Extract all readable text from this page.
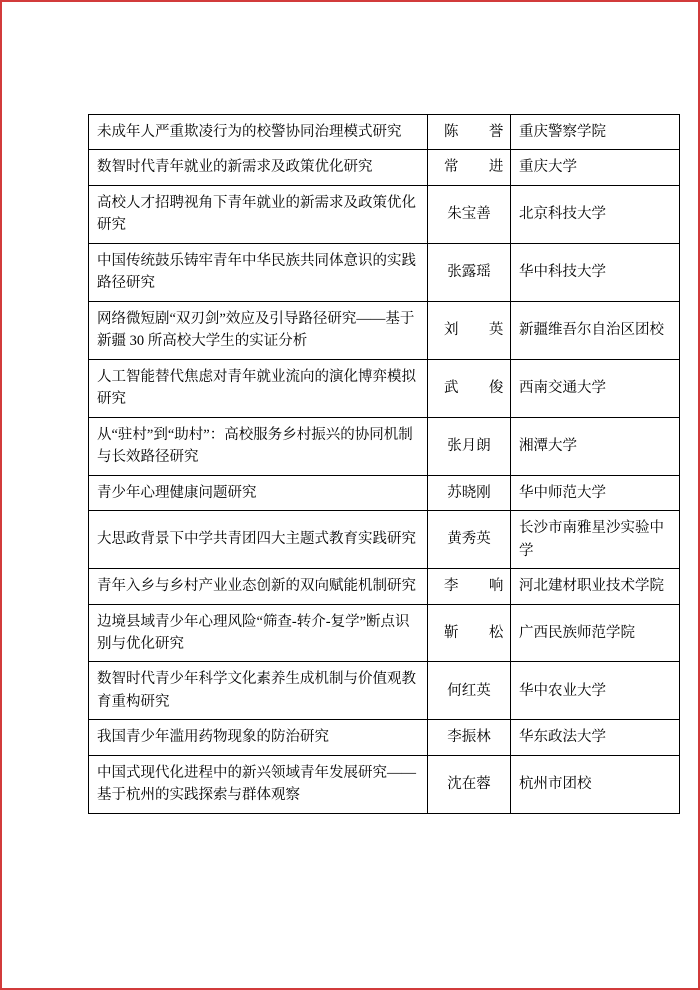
未成年人严重欺凌行为的校警协同治理模式研究	陈　誉	重庆警察学院
数智时代青年就业的新需求及政策优化研究	常　进	重庆大学
高校人才招聘视角下青年就业的新需求及政策优化研究	朱宝善	北京科技大学
中国传统鼓乐铸牢青年中华民族共同体意识的实践路径研究	张露瑶	华中科技大学
网络微短剧“双刃剑”效应及引导路径研究——基于新疆 30 所高校大学生的实证分析	刘　英	新疆维吾尔自治区团校
人工智能替代焦虑对青年就业流向的演化博弈模拟研究	武　俊	西南交通大学
从“驻村”到“助村”：高校服务乡村振兴的协同机制与长效路径研究	张月朗	湘潭大学
青少年心理健康问题研究	苏晓刚	华中师范大学
大思政背景下中学共青团四大主题式教育实践研究	黄秀英	长沙市南雅星沙实验中学
青年入乡与乡村产业业态创新的双向赋能机制研究	李　响	河北建材职业技术学院
边境县域青少年心理风险“筛查-转介-复学”断点识别与优化研究	靳　松	广西民族师范学院
数智时代青少年科学文化素养生成机制与价值观教育重构研究	何红英	华中农业大学
我国青少年滥用药物现象的防治研究	李振林	华东政法大学
中国式现代化进程中的新兴领域青年发展研究——基于杭州的实践探索与群体观察	沈在蓉	杭州市团校
